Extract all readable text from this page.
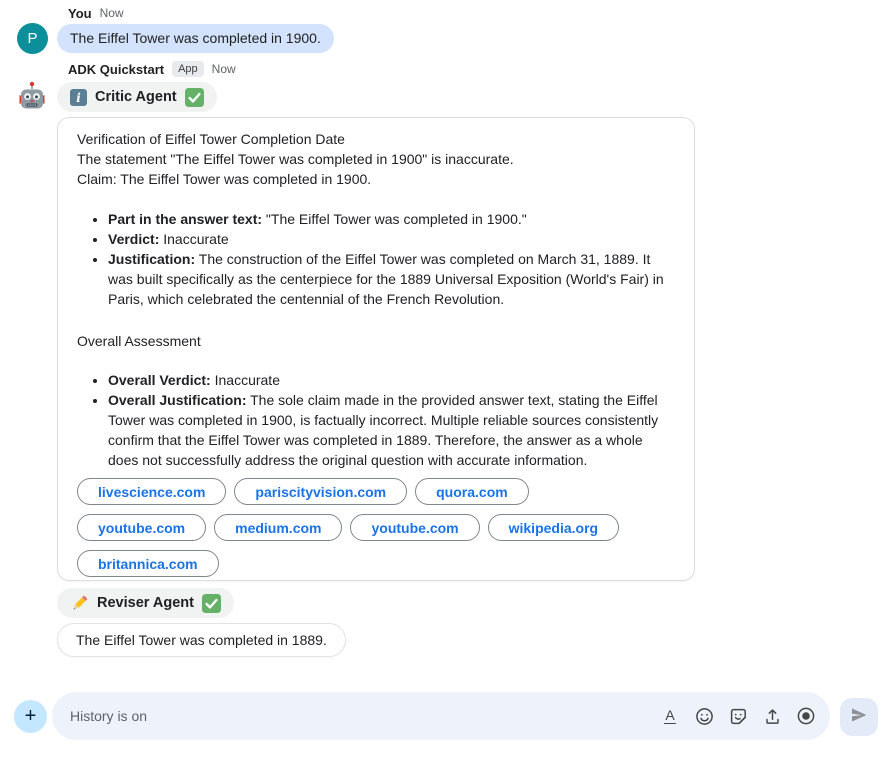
You Now
P	The Eiffel Tower was completed in 1900.
ADK Quickstart	App	Now
i Critic Agent
Verification of Eiffel Tower Completion Date
The statement "The Eiffel Tower was completed in 1900" is inaccurate.
Claim: The Eiffel Tower was completed in 1900.
• Part in the answer text: "The Eiffel Tower was completed in 1900."
• Verdict: Inaccurate
• Justification: The construction of the Eiffel Tower was completed on March 31, 1889. It was built specifically as the centerpiece for the 1889 Universal Exposition (World's Fair) in Paris, which celebrated the centennial of the French Revolution.
Overall Assessment
• Overall Verdict: Inaccurate
• Overall Justification: The sole claim made in the provided answer text, stating the Eiffel Tower was completed in 1900, is factually incorrect. Multiple reliable sources consistently confirm that the Eiffel Tower was completed in 1889. Therefore, the answer as a whole does not successfully address the original question with accurate information.
livescience.com	pariscityvision.com	quora.com
youtube.com	medium.com	youtube.com	wikipedia.org
britannica.com
Reviser Agent
The Eiffel Tower was completed in 1889.
+
History is on	A
